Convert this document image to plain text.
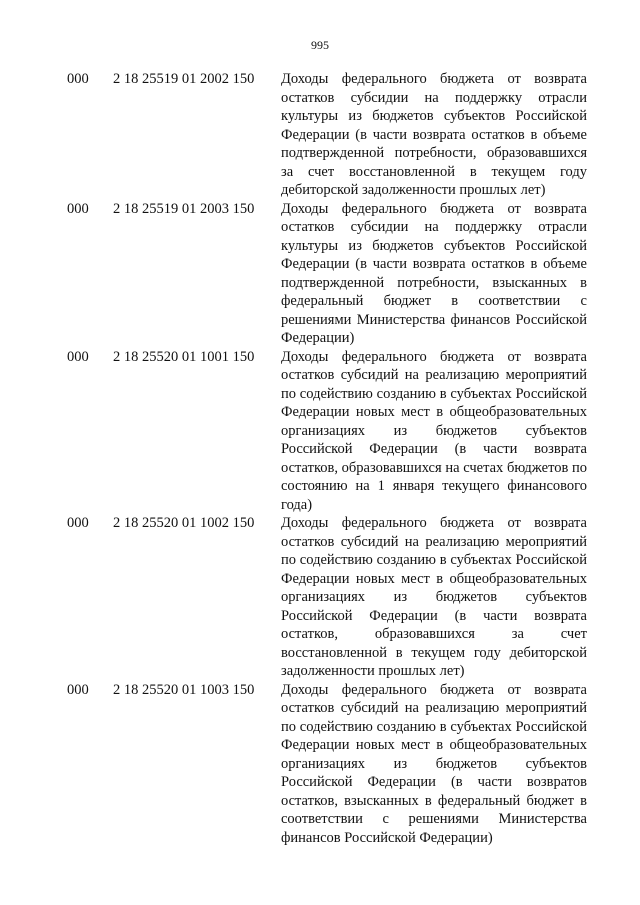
995
000 2 18 25519 01 2002 150 Доходы федерального бюджета от возврата остатков субсидии на поддержку отрасли культуры из бюджетов субъектов Российской Федерации (в части возврата остатков в объеме подтвержденной потребности, образовавшихся за счет восстановленной в текущем году дебиторской задолженности прошлых лет)
000 2 18 25519 01 2003 150 Доходы федерального бюджета от возврата остатков субсидии на поддержку отрасли культуры из бюджетов субъектов Российской Федерации (в части возврата остатков в объеме подтвержденной потребности, взысканных в федеральный бюджет в соответствии с решениями Министерства финансов Российской Федерации)
000 2 18 25520 01 1001 150 Доходы федерального бюджета от возврата остатков субсидий на реализацию мероприятий по содействию созданию в субъектах Российской Федерации новых мест в общеобразовательных организациях из бюджетов субъектов Российской Федерации (в части возврата остатков, образовавшихся на счетах бюджетов по состоянию на 1 января текущего финансового года)
000 2 18 25520 01 1002 150 Доходы федерального бюджета от возврата остатков субсидий на реализацию мероприятий по содействию созданию в субъектах Российской Федерации новых мест в общеобразовательных организациях из бюджетов субъектов Российской Федерации (в части возврата остатков, образовавшихся за счет восстановленной в текущем году дебиторской задолженности прошлых лет)
000 2 18 25520 01 1003 150 Доходы федерального бюджета от возврата остатков субсидий на реализацию мероприятий по содействию созданию в субъектах Российской Федерации новых мест в общеобразовательных организациях из бюджетов субъектов Российской Федерации (в части возвратов остатков, взысканных в федеральный бюджет в соответствии с решениями Министерства финансов Российской Федерации)
